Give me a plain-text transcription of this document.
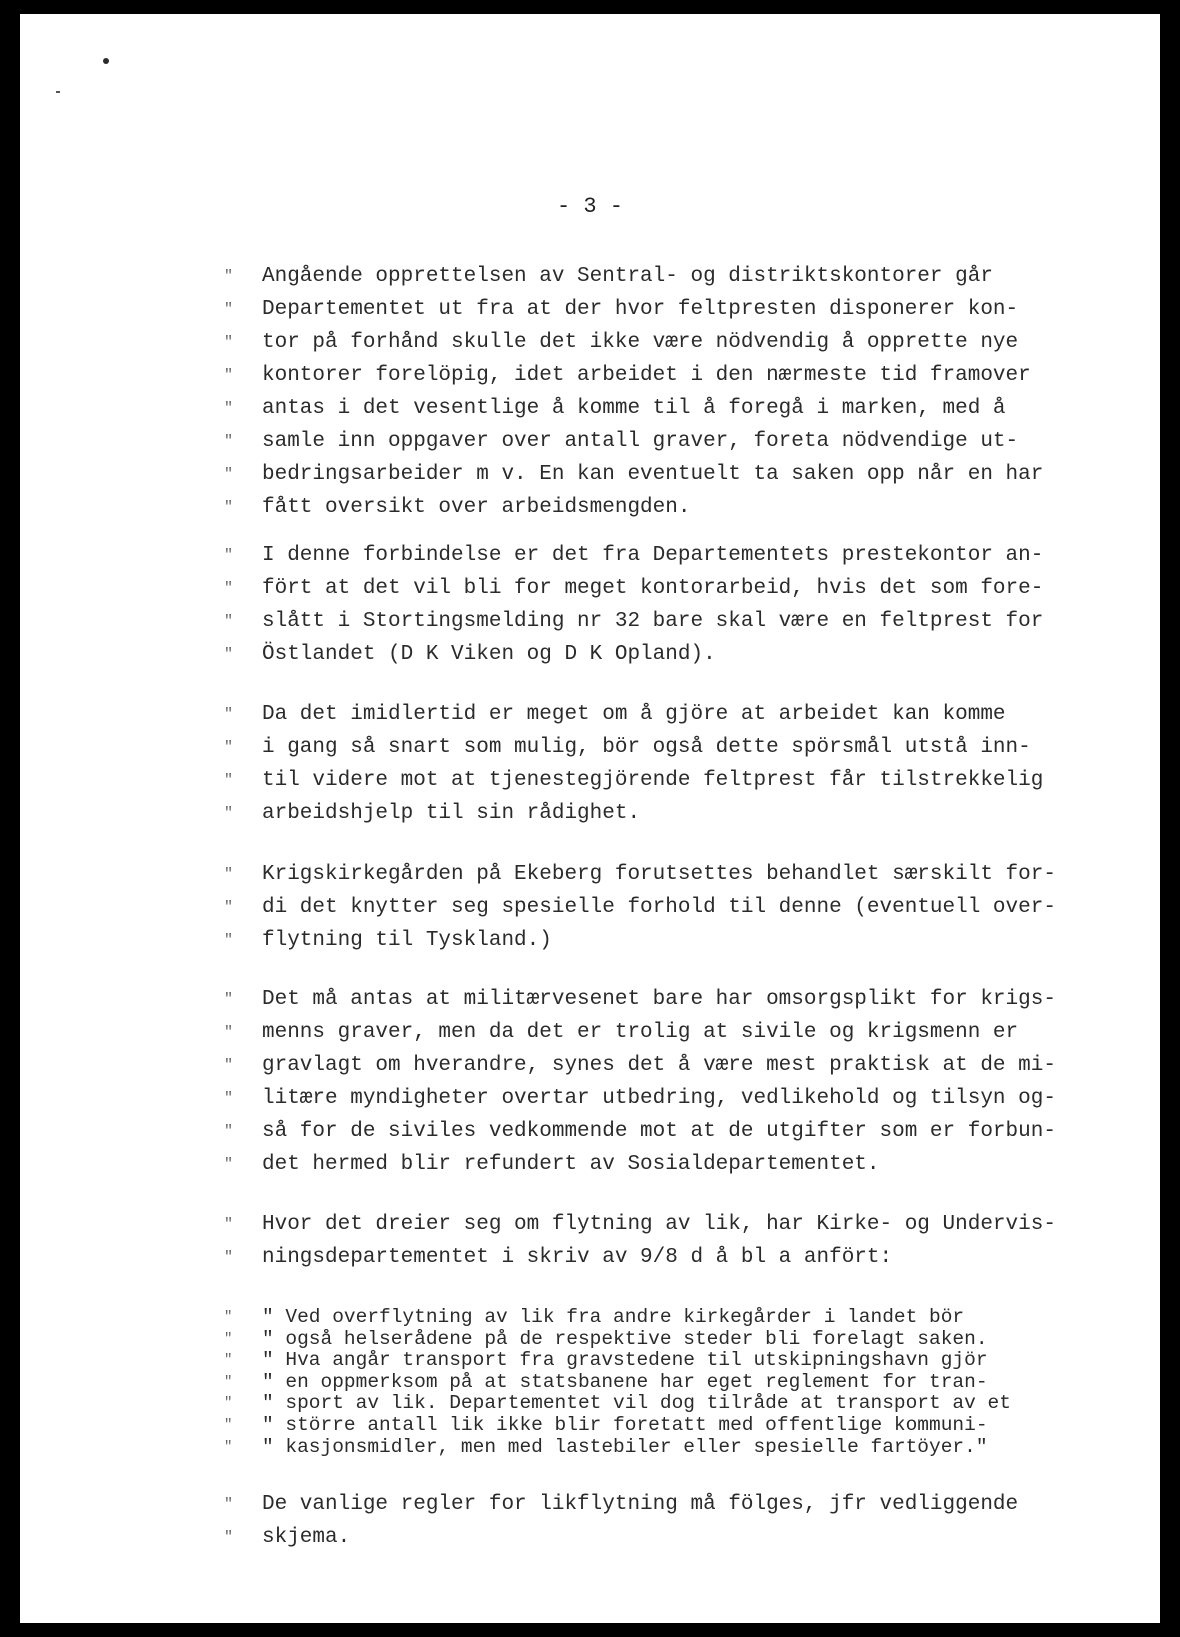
- 3 -

" Angående opprettelsen av Sentral- og distriktskontorer går
" Departementet ut fra at der hvor feltpresten disponerer kon-
" tor på forhånd skulle det ikke være nödvendig å opprette nye
" kontorer forelöpig, idet arbeidet i den nærmeste tid framover
" antas i det vesentlige å komme til å foregå i marken, med å
" samle inn oppgaver over antall graver, foreta nödvendige ut-
" bedringsarbeider m v. En kan eventuelt ta saken opp når en har
" fått oversikt over arbeidsmengden.
" I denne forbindelse er det fra Departementets prestekontor an-
" fört at det vil bli for meget kontorarbeid, hvis det som fore-
" slått i Stortingsmelding nr 32 bare skal være en feltprest for
" Östlandet (D K Viken og D K Opland).
" Da det imidlertid er meget om å gjöre at arbeidet kan komme
" i gang så snart som mulig, bör også dette spörsmål utstå inn-
" til videre mot at tjenestegjörende feltprest får tilstrekkelig
" arbeidshjelp til sin rådighet.
" Krigskirkegården på Ekeberg forutsettes behandlet særskilt for-
" di det knytter seg spesielle forhold til denne (eventuell over-
" flytning til Tyskland.)
" Det må antas at militærvesenet bare har omsorgsplikt for krigs-
" menns graver, men da det er trolig at sivile og krigsmenn er
" gravlagt om hverandre, synes det å være mest praktisk at de mi-
" litære myndigheter overtar utbedring, vedlikehold og tilsyn og-
" så for de siviles vedkommende mot at de utgifter som er forbun-
" det hermed blir refundert av Sosialdepartementet.
" Hvor det dreier seg om flytning av lik, har Kirke- og Undervis-
" ningsdepartementet i skriv av 9/8 d å bl a anfört:
" " Ved overflytning av lik fra andre kirkegårder i landet bör
" " også helserådene på de respektive steder bli forelagt saken.
" " Hva angår transport fra gravstedene til utskipningshavn gjör
" " en oppmerksom på at statsbanene har eget reglement for tran-
" " sport av lik. Departementet vil dog tilråde at transport av et
" " större antall lik ikke blir foretatt med offentlige kommuni-
" " kasjonsmidler, men med lastebiler eller spesielle fartöyer."
" De vanlige regler for likflytning må fölges, jfr vedliggende
" skjema.
